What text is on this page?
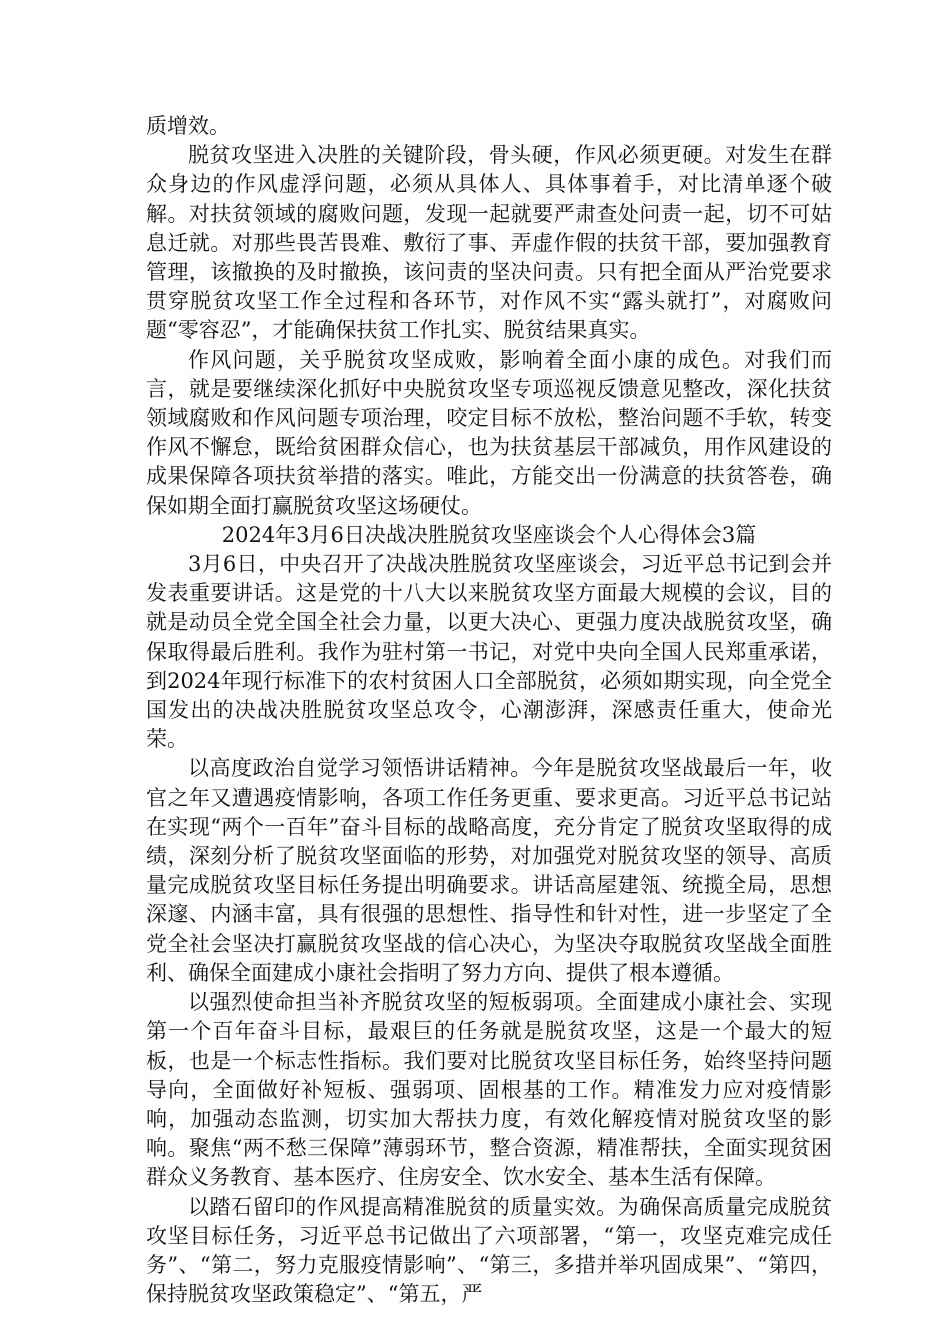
质增效。

脱贫攻坚进入决胜的关键阶段，骨头硬，作风必须更硬。对发生在群众身边的作风虚浮问题，必须从具体人、具体事着手，对比清单逐个破解。对扶贫领域的腐败问题，发现一起就要严肃查处问责一起，切不可姑息迁就。对那些畏苦畏难、敷衍了事、弄虚作假的扶贫干部，要加强教育管理，该撤换的及时撤换，该问责的坚决问责。只有把全面从严治党要求贯穿脱贫攻坚工作全过程和各环节，对作风不实“露头就打”，对腐败问题“零容忍”，才能确保扶贫工作扎实、脱贫结果真实。

作风问题，关乎脱贫攻坚成败，影响着全面小康的成色。对我们而言，就是要继续深化抓好中央脱贫攻坚专项巡视反馈意见整改，深化扶贫领域腐败和作风问题专项治理，咬定目标不放松，整治问题不手软，转变作风不懈怠，既给贫困群众信心，也为扶贫基层干部减负，用作风建设的成果保障各项扶贫举措的落实。唯此，方能交出一份满意的扶贫答卷，确保如期全面打赢脱贫攻坚这场硬仗。

2024年3月6日决战决胜脱贫攻坚座谈会个人心得体会3篇

3月6日，中央召开了决战决胜脱贫攻坚座谈会，习近平总书记到会并发表重要讲话。这是党的十八大以来脱贫攻坚方面最大规模的会议，目的就是动员全党全国全社会力量，以更大决心、更强力度决战脱贫攻坚，确保取得最后胜利。我作为驻村第一书记，对党中央向全国人民郑重承诺，到2024年现行标准下的农村贫困人口全部脱贫，必须如期实现，向全党全国发出的决战决胜脱贫攻坚总攻令，心潮澎湃，深感责任重大，使命光荣。

以高度政治自觉学习领悟讲话精神。今年是脱贫攻坚战最后一年，收官之年又遭遇疫情影响，各项工作任务更重、要求更高。习近平总书记站在实现“两个一百年”奋斗目标的战略高度，充分肯定了脱贫攻坚取得的成绩，深刻分析了脱贫攻坚面临的形势，对加强党对脱贫攻坚的领导、高质量完成脱贫攻坚目标任务提出明确要求。讲话高屋建瓴、统揽全局，思想深邃、内涵丰富，具有很强的思想性、指导性和针对性，进一步坚定了全党全社会坚决打赢脱贫攻坚战的信心决心，为坚决夺取脱贫攻坚战全面胜利、确保全面建成小康社会指明了努力方向、提供了根本遵循。

以强烈使命担当补齐脱贫攻坚的短板弱项。全面建成小康社会、实现第一个百年奋斗目标，最艰巨的任务就是脱贫攻坚，这是一个最大的短板，也是一个标志性指标。我们要对比脱贫攻坚目标任务，始终坚持问题导向，全面做好补短板、强弱项、固根基的工作。精准发力应对疫情影响，加强动态监测，切实加大帮扶力度，有效化解疫情对脱贫攻坚的影响。聚焦“两不愁三保障”薄弱环节，整合资源，精准帮扶，全面实现贫困群众义务教育、基本医疗、住房安全、饮水安全、基本生活有保障。

以踏石留印的作风提高精准脱贫的质量实效。为确保高质量完成脱贫攻坚目标任务，习近平总书记做出了六项部署，“第一，攻坚克难完成任务”、“第二，努力克服疫情影响”、“第三，多措并举巩固成果”、“第四，保持脱贫攻坚政策稳定”、“第五，严
